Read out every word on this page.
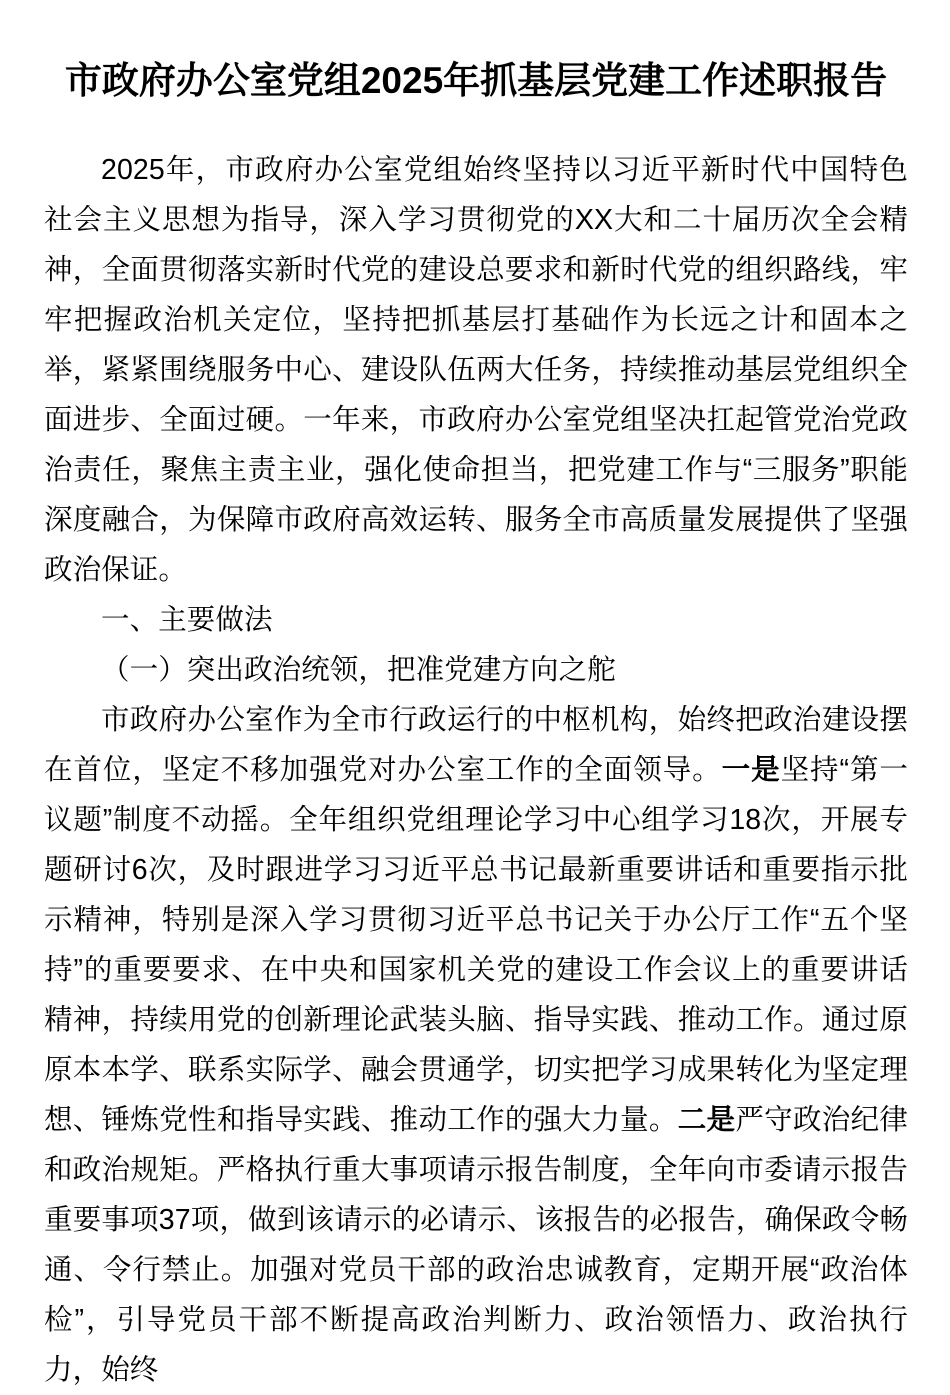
市政府办公室党组2025年抓基层党建工作述职报告

2025年，市政府办公室党组始终坚持以习近平新时代中国特色社会主义思想为指导，深入学习贯彻党的XX大和二十届历次全会精神，全面贯彻落实新时代党的建设总要求和新时代党的组织路线，牢牢把握政治机关定位，坚持把抓基层打基础作为长远之计和固本之举，紧紧围绕服务中心、建设队伍两大任务，持续推动基层党组织全面进步、全面过硬。一年来，市政府办公室党组坚决扛起管党治党政治责任，聚焦主责主业，强化使命担当，把党建工作与“三服务”职能深度融合，为保障市政府高效运转、服务全市高质量发展提供了坚强政治保证。

一、主要做法

（一）突出政治统领，把准党建方向之舵

市政府办公室作为全市行政运行的中枢机构，始终把政治建设摆在首位，坚定不移加强党对办公室工作的全面领导。一是坚持“第一议题”制度不动摇。全年组织党组理论学习中心组学习18次，开展专题研讨6次，及时跟进学习习近平总书记最新重要讲话和重要指示批示精神，特别是深入学习贯彻习近平总书记关于办公厅工作“五个坚持”的重要要求、在中央和国家机关党的建设工作会议上的重要讲话精神，持续用党的创新理论武装头脑、指导实践、推动工作。通过原原本本学、联系实际学、融会贯通学，切实把学习成果转化为坚定理想、锤炼党性和指导实践、推动工作的强大力量。二是严守政治纪律和政治规矩。严格执行重大事项请示报告制度，全年向市委请示报告重要事项37项，做到该请示的必请示、该报告的必报告，确保政令畅通、令行禁止。加强对党员干部的政治忠诚教育，定期开展“政治体检”，引导党员干部不断提高政治判断力、政治领悟力、政治执行力，始终
